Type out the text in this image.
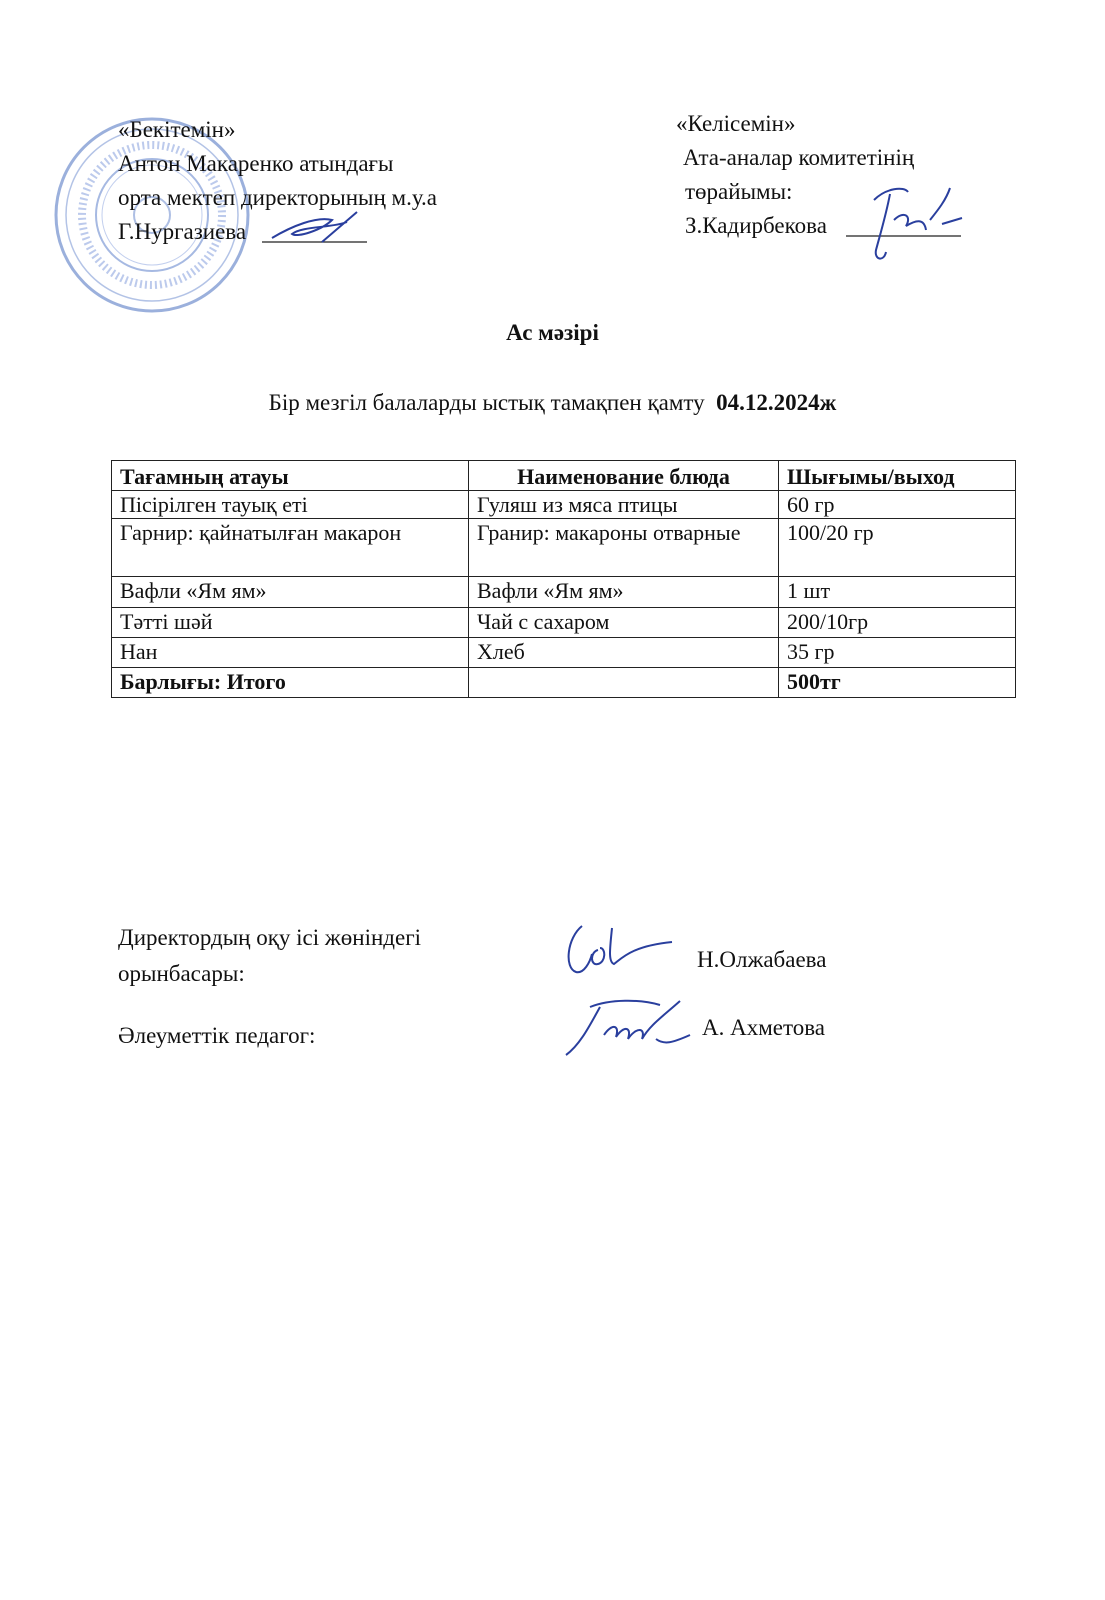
«Бекітемін»
Антон Макаренко атындағы
орта мектеп директорының м.у.а
Г.Нургазиева
«Келісемін»
Ата-аналар комитетінің
төрайымы:
З.Кадирбекова
Ас мәзірі
Бір мезгіл балаларды ыстық тамақпен қамту 04.12.2024ж
Тағамның атауы	Наименование блюда	Шығымы/выход
Пісірілген тауық еті	Гуляш из мяса птицы	60 гр
Гарнир: қайнатылған макарон	Гранир: макароны отварные	100/20 гр
Вафли «Ям ям»	Вафли «Ям ям»	1 шт
Тәтті шәй	Чай с сахаром	200/10гр
Нан	Хлеб	35 гр
Барлығы: Итого		500тг
Директордың оқу ісі жөніндегі
орынбасары:
Н.Олжабаева
Әлеуметтік педагог:	А. Ахметова
